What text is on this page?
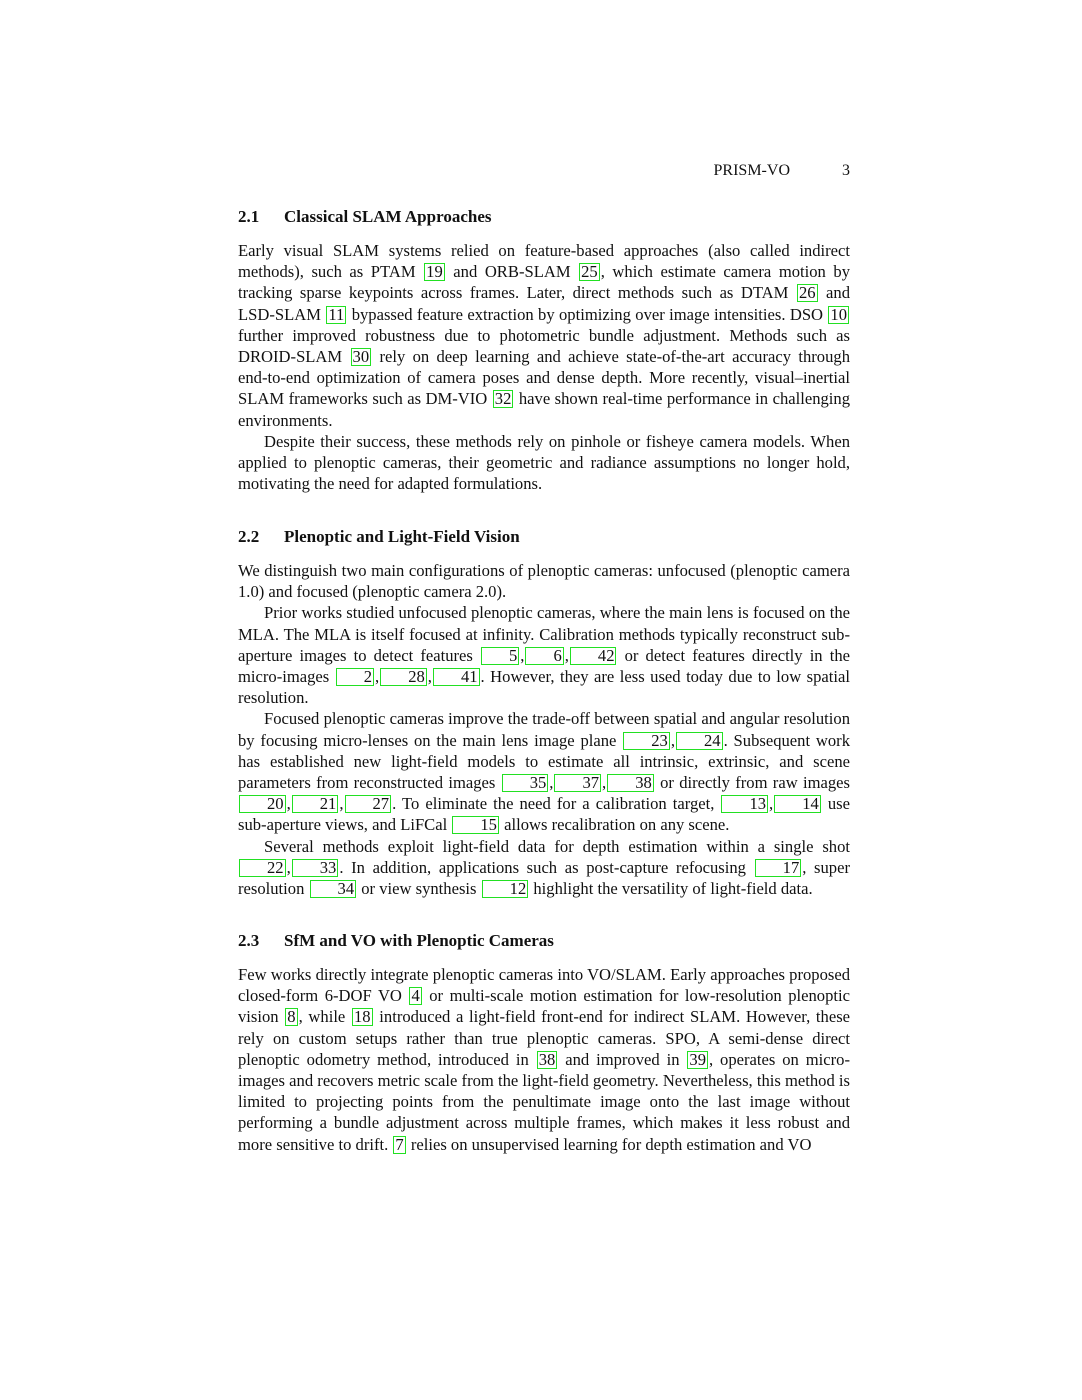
PRISM-VO	3
2.1 Classical SLAM Approaches

Early visual SLAM systems relied on feature-based approaches (also called indirect methods), such as PTAM 19 and ORB-SLAM 25 , which estimate camera motion by tracking sparse keypoints across frames. Later, direct methods such as DTAM 26 and LSD-SLAM 11 bypassed feature extraction by optimizing over image intensities. DSO 10 further improved robustness due to photometric bundle adjustment. Methods such as DROID-SLAM 30 rely on deep learning and achieve state-of-the-art accuracy through end-to-end optimization of camera poses and dense depth. More recently, visual–inertial SLAM frameworks such as DM-VIO 32 have shown real-time performance in challenging environments.

Despite their success, these methods rely on pinhole or fisheye camera models. When applied to plenoptic cameras, their geometric and radiance assumptions no longer hold, motivating the need for adapted formulations.

2.2 Plenoptic and Light-Field Vision

We distinguish two main configurations of plenoptic cameras: unfocused (plenoptic camera 1.0) and focused (plenoptic camera 2.0).

Prior works studied unfocused plenoptic cameras, where the main lens is focused on the MLA. The MLA is itself focused at infinity. Calibration methods typically reconstruct sub-aperture images to detect features 5 , 6 , 42 or detect features directly in the micro-images 2 , 28 , 41 . However, they are less used today due to low spatial resolution.

Focused plenoptic cameras improve the trade-off between spatial and angular resolution by focusing micro-lenses on the main lens image plane 23 , 24 . Subsequent work has established new light-field models to estimate all intrinsic, extrinsic, and scene parameters from reconstructed images 35 , 37 , 38 or directly from raw images 20 , 21 , 27 . To eliminate the need for a calibration target, 13 , 14 use sub-aperture views, and LiFCal 15 allows recalibration on any scene.

Several methods exploit light-field data for depth estimation within a single shot 22 , 33 . In addition, applications such as post-capture refocusing 17 , super resolution 34 or view synthesis 12 highlight the versatility of light-field data.

2.3 SfM and VO with Plenoptic Cameras

Few works directly integrate plenoptic cameras into VO/SLAM. Early approaches proposed closed-form 6-DOF VO 4 or multi-scale motion estimation for low-resolution plenoptic vision 8 , while 18 introduced a light-field front-end for indirect SLAM. However, these rely on custom setups rather than true plenoptic cameras. SPO, A semi-dense direct plenoptic odometry method, introduced in 38 and improved in 39 , operates on micro-images and recovers metric scale from the light-field geometry. Nevertheless, this method is limited to projecting points from the penultimate image onto the last image without performing a bundle adjustment across multiple frames, which makes it less robust and more sensitive to drift. 7 relies on unsupervised learning for depth estimation and VO
